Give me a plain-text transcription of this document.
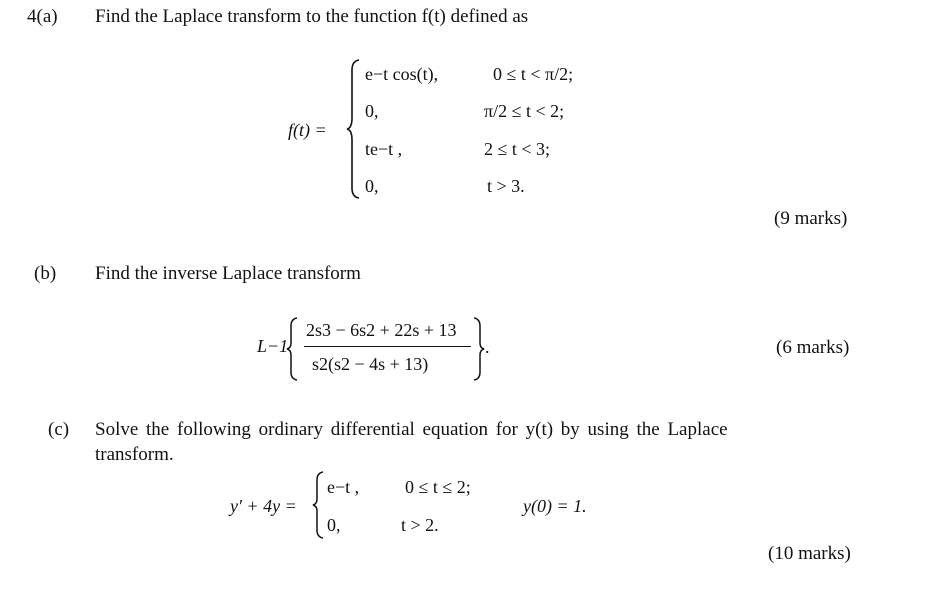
4(a) Find the Laplace transform to the function f(t) defined as
f(t) =
e−t cos(t),
0,
te−t ,
0,
0 ≤ t < π/2;
π/2 ≤ t < 2;
2 ≤ t < 3;
t > 3.
(9 marks)
(b) Find the inverse Laplace transform
L−1
2s3 − 6s2 + 22s + 13
s2(s2 − 4s + 13)
.	(6 marks)
(c) Solve the following ordinary differential equation for y(t) by using the Laplace
transform.
y′ + 4y =
e−t ,
0,
0 ≤ t ≤ 2;
t > 2.
y(0) = 1.
(10 marks)
